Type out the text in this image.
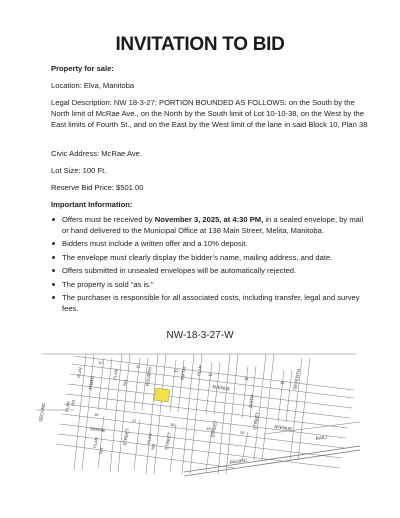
INVITATION TO BID

Property for sale:

Location: Elva, Manitoba

Legal Description: NW 18-3-27; PORTION BOUNDED AS FOLLOWS: on the South by the North limit of McRae Ave., on the North by the South limit of Lot 10-10-38, on the West by the East limits of Fourth St., and on the East by the West limit of the lane in said Block 10, Plan 38

Civic Address: McRae Ave.

Lot Size: 100 Ft.

Reserve Bid Price: $501.00

Important Information:

Offers must be received by November 3, 2025, at 4:30 PM, in a sealed envelope, by mail or hand delivered to the Municipal Office at 138 Main Street, Melita, Manitoba.
Bidders must include a written offer and a 10% deposit.
The envelope must clearly display the bidder’s name, mailing address, and date.
Offers submitted in unsealed envelopes will be automatically rejected.
The property is sold “as is.”
The purchaser is responsible for all associated costs, including transfer, legal and survey fees.
NW-18-3-27-W
SECOND
THIRD	FOURTH	FIFTH
SIXTH
SEVENTH
McRAE
AVENUE
AVENUE
PACIFIC
RAILI
STREET	STREET
STREET	STREET
PLAN	PLAN	PLAN
PLAN
PLAN	PLAN
NO
NO
NO
NO
10
11
12
13
14
15
16
17
18
19
20
